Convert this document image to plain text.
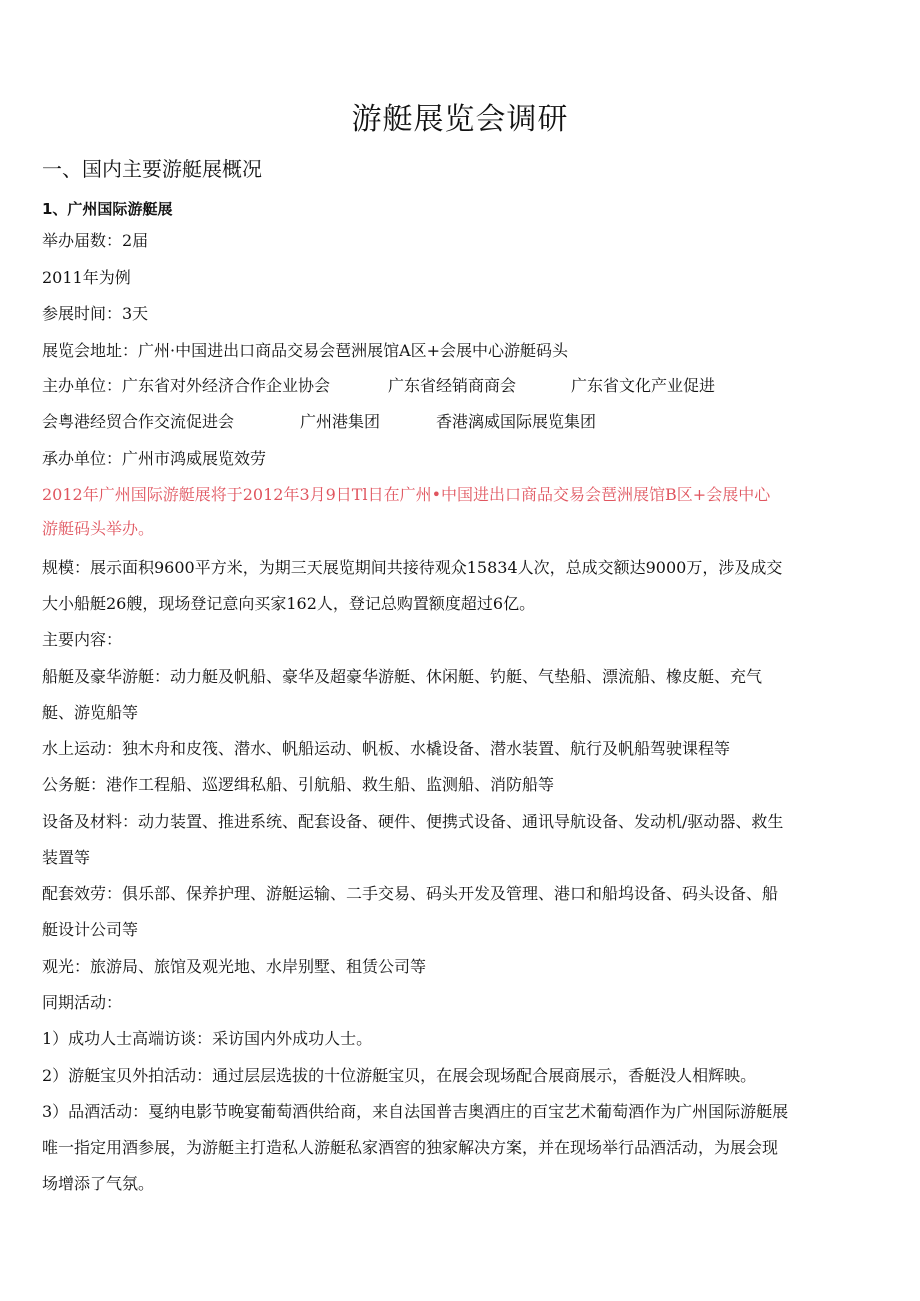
游艇展览会调研

一、国内主要游艇展概况

1、广州国际游艇展

举办届数：2届

2011年为例

参展时间：3天

展览会地址：广州·中国进出口商品交易会琶洲展馆A区+会展中心游艇码头

主办单位：广东省对外经济合作企业协会	广东省经销商商会	广东省文化产业促进

会粤港经贸合作交流促进会	广州港集团	香港漓威国际展览集团

承办单位：广州市鸿威展览效劳

2012年广州国际游艇展将于2012年3月9日Tl日在广州•中国进出口商品交易会琶洲展馆B区+会展中心

游艇码头举办。

规模：展示面积9600平方米，为期三天展览期间共接待观众15834人次，总成交额达9000万，涉及成交

大小船艇26艘，现场登记意向买家162人，登记总购置额度超过6亿。

主要内容：

船艇及豪华游艇：动力艇及帆船、豪华及超豪华游艇、休闲艇、钓艇、气垫船、漂流船、橡皮艇、充气

艇、游览船等

水上运动：独木舟和皮筏、潜水、帆船运动、帆板、水橇设备、潜水装置、航行及帆船驾驶课程等

公务艇：港作工程船、巡逻缉私船、引航船、救生船、监测船、消防船等

设备及材料：动力装置、推进系统、配套设备、硬件、便携式设备、通讯导航设备、发动机/驱动器、救生

装置等

配套效劳：俱乐部、保养护理、游艇运输、二手交易、码头开发及管理、港口和船坞设备、码头设备、船

艇设计公司等

观光：旅游局、旅馆及观光地、水岸别墅、租赁公司等

同期活动：

1）成功人士高端访谈：采访国内外成功人士。

2）游艇宝贝外拍活动：通过层层选拔的十位游艇宝贝，在展会现场配合展商展示，香艇没人相辉映。

3）品酒活动：戛纳电影节晚宴葡萄酒供给商，来自法国普吉奥酒庄的百宝艺术葡萄酒作为广州国际游艇展

唯一指定用酒参展，为游艇主打造私人游艇私家酒窖的独家解决方案，并在现场举行品酒活动，为展会现

场增添了气氛。
